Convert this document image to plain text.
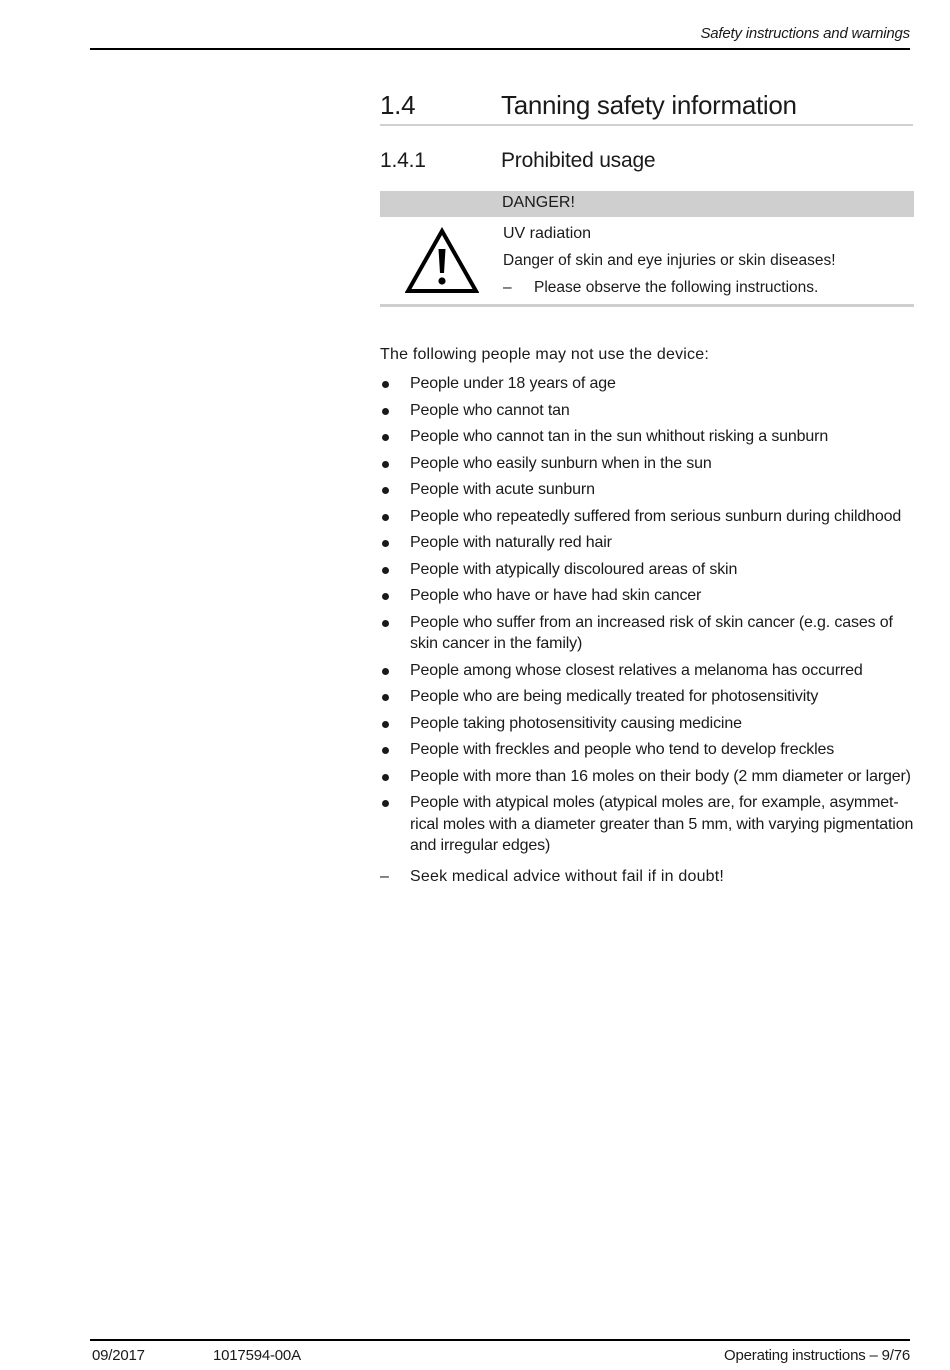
Safety instructions and warnings
1.4	Tanning safety information
1.4.1	Prohibited usage
DANGER!
UV radiation
Danger of skin and eye injuries or skin diseases!
– Please observe the following instructions.
The following people may not use the device:
People under 18 years of age
People who cannot tan
People who cannot tan in the sun whithout risking a sunburn
People who easily sunburn when in the sun
People with acute sunburn
People who repeatedly suffered from serious sunburn during childhood
People with naturally red hair
People with atypically discoloured areas of skin
People who have or have had skin cancer
People who suffer from an increased risk of skin cancer (e.g. cases of skin cancer in the family)
People among whose closest relatives a melanoma has occurred
People who are being medically treated for photosensitivity
People taking photosensitivity causing medicine
People with freckles and people who tend to develop freckles
People with more than 16 moles on their body (2 mm diameter or larger)
People with atypical moles (atypical moles are, for example, asymmet-rical moles with a diameter greater than 5 mm, with varying pigmentation and irregular edges)
– Seek medical advice without fail if in doubt!
09/2017	1017594-00A	Operating instructions – 9/76
